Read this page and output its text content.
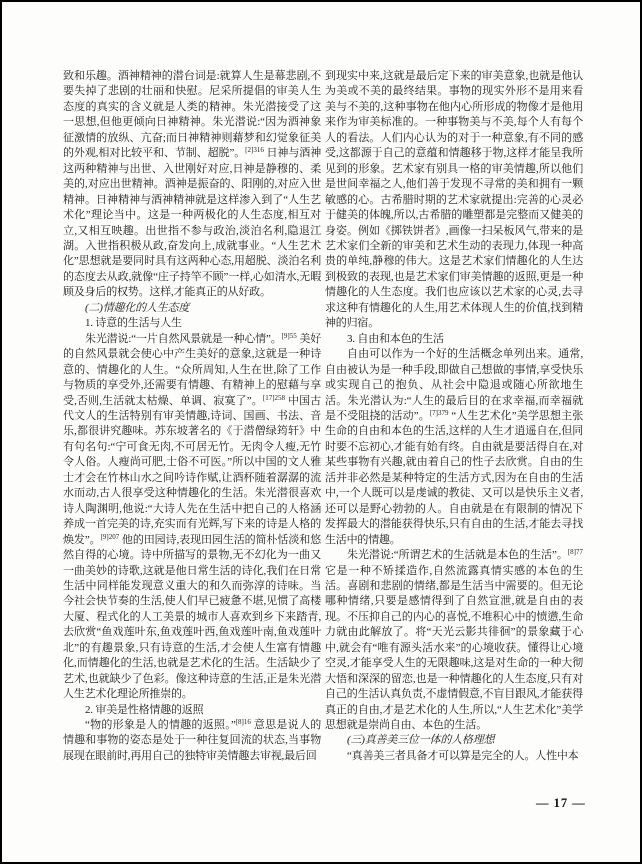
致和乐趣。酒神精神的潜台词是:就算人生是幕悲剧,不要失掉了悲剧的壮丽和快慰。尼采所提倡的审美人生态度的真实的含义就是人类的精神。朱光潜接受了这一思想,但他更倾向日神精神。朱光潜说:“因为酒神象征激情的放纵、亢奋;而日神精神则藉梦和幻觉象征美的外观,相对比较平和、节制、超脱”。$^{[2]316}$ 日神与酒神这两种精神与出世、入世刚好对应,日神是静穆的、柔美的,对应出世精神。酒神是振奋的、阳刚的,对应入世精神。日神精神与酒神精神就是这样渗入到了“人生艺术化”理论当中。这是一种两极化的人生态度,相互对立,又相互映趣。出世指不参与政治,淡泊名利,隐退江湖。入世指积极从政,奋发向上,成就事业。“人生艺术化”思想就是要同时具有这两种心态,用超脱、淡泊名利的态度去从政,就像“庄子持竿不顾”一样,心如清水,无暇顾及身后的权势。这样,才能真正的从好政。

(二)情趣化的人生态度

1. 诗意的生活与人生

朱光潜说:“一片自然风景就是一种心情”。$^{[9]55}$ 美好的自然风景就会使心中产生美好的意象,这就是一种诗意的、情趣化的人生。“众所周知,人生在世,除了工作与物质的享受外,还需要有情趣、有精神上的慰藉与享受,否则,生活就太枯燥、单调、寂寞了”。$^{[17]258}$ 中国古代文人的生活特别有审美情趣,诗词、国画、书法、音乐,都很讲究趣味。苏东坡著名的《于潜僧绿筠轩》中有句名句:“宁可食无肉,不可居无竹。无肉令人瘦,无竹令人俗。人瘦尚可肥,士俗不可医。”所以中国的文人雅士才会在竹林山水之间吟诗作赋,让酒杯随着潺潺的流水而动,古人很享受这种情趣化的生活。朱光潜很喜欢诗人陶渊明,他说:“大诗人先在生活中把自己的人格涵养成一首完美的诗,充实而有光辉,写下来的诗是人格的焕发”。$^{[9]207}$ 他的田园诗,表现田园生活的简朴恬淡和悠然自得的心境。诗中所描写的景物,无不幻化为一曲又一曲美妙的诗歌,这就是他日常生活的诗化,我们在日常生活中同样能发现意义重大的和久而弥淳的诗味。当今社会快节奏的生活,使人们早已疲惫不堪,见惯了高楼大厦、程式化的人工美景的城市人喜欢到乡下来踏青,去欣赏“鱼戏莲叶东,鱼戏莲叶西,鱼戏莲叶南,鱼戏莲叶北”的有趣景象,只有诗意的生活,才会使人生富有情趣化,而情趣化的生活,也就是艺术化的生活。生活缺少了艺术,也就缺少了色彩。像这种诗意的生活,正是朱光潜人生艺术化理论所推崇的。

2. 审美是性格情趣的返照

“物的形象是人的情趣的返照。”$^{[8]16}$ 意思是说人的情趣和事物的姿态是处于一种往复回流的状态,当事物展现在眼前时,再用自己的独特审美情趣去审视,最后回

到现实中来,这就是最后定下来的审美意象,也就是他认为美或不美的最终结果。事物的现实外形不是用来看美与不美的,这种事物在他内心所形成的物像才是他用来作为审美标准的。一种事物美与不美,每个人有每个人的看法。人们内心认为的对于一种意象,有不同的感受,这都源于自己的意蕴和情趣移于物,这样才能呈我所见到的形象。艺术家有别具一格的审美情趣,所以他们是世间幸福之人,他们善于发现不寻常的美和拥有一颗敏感的心。古希腊时期的艺术家就提出:完善的心灵必于健美的体魄,所以,古希腊的雕塑都是完整而又健美的身姿。例如《掷铁饼者》,画像一扫呆板风气,带来的是艺术家们全新的审美和艺术生动的表现力,体现一种高贵的单纯,静穆的伟大。这是艺术家们情趣化的人生达到极致的表现,也是艺术家们审美情趣的返照,更是一种情趣化的人生态度。我们也应该以艺术家的心灵,去寻求这种有情趣化的人生,用艺术体现人生的价值,找到精神的归宿。

3. 自由和本色的生活

自由可以作为一个好的生活概念单列出来。通常,自由被认为是一种手段,即做自己想做的事情,享受快乐或实现自己的抱负、从社会中隐退或随心所欲地生活。朱光潜认为:“人生的最后目的在求幸福,而幸福就是不受阻挠的活动”。$^{[7]379}$ “人生艺术化”美学思想主张生命的自由和本色的生活,这样的人生才逍遥自在,但同时要不忘初心,才能有始有终。自由就是要活得自在,对某些事物有兴趣,就由着自己的性子去欣赏。自由的生活并非必然是某种特定的生活方式,因为在自由的生活中,一个人既可以是虔诚的教徒、又可以是快乐主义者,还可以是野心勃勃的人。自由就是在有限制的情况下发挥最大的潜能获得快乐,只有自由的生活,才能去寻找生活中的情趣。

朱光潜说:“所谓艺术的生活就是本色的生活”。$^{[8]77}$ 它是一种不矫揉造作,自然流露真情实感的本色的生活。喜剧和悲剧的情绪,都是生活当中需要的。但无论哪种情绪,只要是感情得到了自然宣泄,就是自由的表现。不压抑自己的内心的喜悦,不堆积心中的愤懑,生命力就由此解放了。将“天光云影共徘徊”的景象藏于心中,就会有“唯有源头活水来”的心境收获。懂得让心境空灵,才能享受人生的无限趣味,这是对生命的一种大彻大悟和深深的留恋,也是一种情趣化的人生态度,只有对自己的生活认真负责,不虚情假意,不盲目跟风,才能获得真正的自由,才是艺术化的人生,所以,“人生艺术化”美学思想就是崇尚自由、本色的生活。

(三)真善美三位一体的人格理想

“真善美三者具备才可以算是完全的人。人性中本

— 17 —
